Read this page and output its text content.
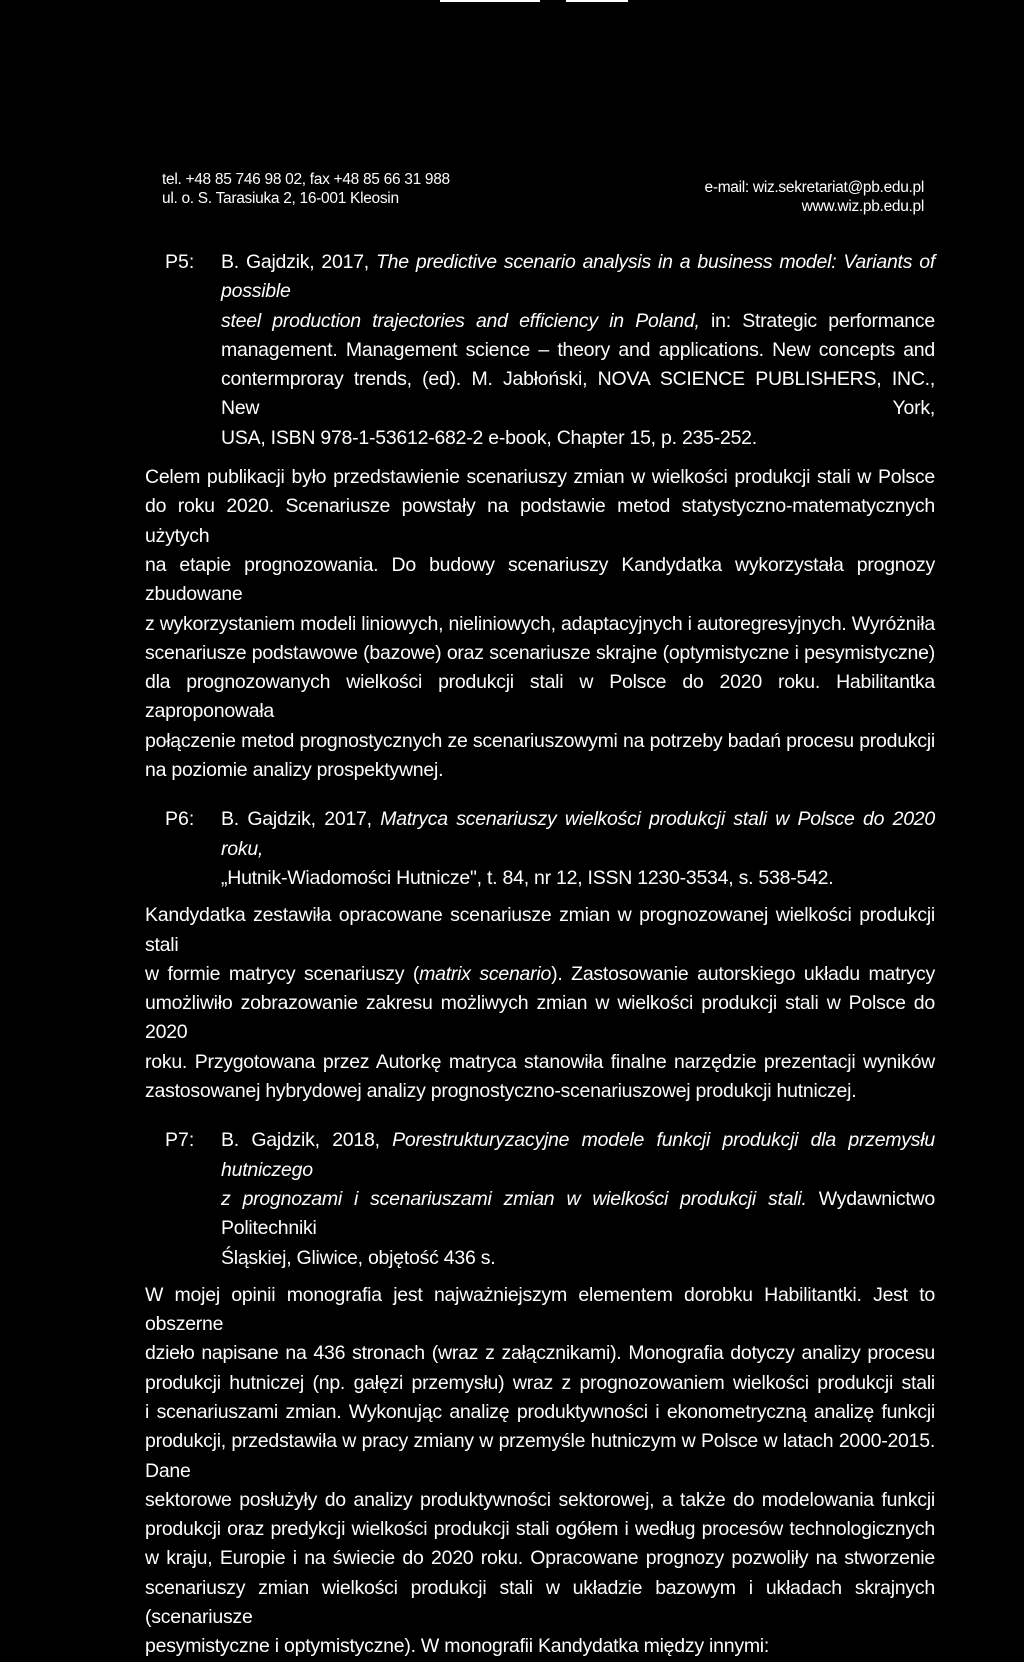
tel. +48 85 746 98 02, fax +48 85 66 31 988
ul. o. S. Tarasiuka 2, 16-001 Kleosin
e-mail: wiz.sekretariat@pb.edu.pl
www.wiz.pb.edu.pl
P5:	B. Gajdzik, 2017, The predictive scenario analysis in a business model: Variants of possible
steel production trajectories and efficiency in Poland, in: Strategic performance
management. Management science – theory and applications. New concepts and
contermproray trends, (ed). M. Jabłoński, NOVA SCIENCE PUBLISHERS, INC., New York,
USA, ISBN 978-1-53612-682-2 e-book, Chapter 15, p. 235-252.
Celem publikacji było przedstawienie scenariuszy zmian w wielkości produkcji stali w Polsce
do roku 2020. Scenariusze powstały na podstawie metod statystyczno-matematycznych użytych
na etapie prognozowania. Do budowy scenariuszy Kandydatka wykorzystała prognozy zbudowane
z wykorzystaniem modeli liniowych, nieliniowych, adaptacyjnych i autoregresyjnych. Wyróżniła
scenariusze podstawowe (bazowe) oraz scenariusze skrajne (optymistyczne i pesymistyczne)
dla prognozowanych wielkości produkcji stali w Polsce do 2020 roku. Habilitantka zaproponowała
połączenie metod prognostycznych ze scenariuszowymi na potrzeby badań procesu produkcji
na poziomie analizy prospektywnej.
P6:	B. Gajdzik, 2017, Matryca scenariuszy wielkości produkcji stali w Polsce do 2020 roku,
„Hutnik-Wiadomości Hutnicze", t. 84, nr 12, ISSN 1230-3534, s. 538-542.
Kandydatka zestawiła opracowane scenariusze zmian w prognozowanej wielkości produkcji stali
w formie matrycy scenariuszy (matrix scenario). Zastosowanie autorskiego układu matrycy
umożliwiło zobrazowanie zakresu możliwych zmian w wielkości produkcji stali w Polsce do 2020
roku. Przygotowana przez Autorkę matryca stanowiła finalne narzędzie prezentacji wyników
zastosowanej hybrydowej analizy prognostyczno-scenariuszowej produkcji hutniczej.
P7:	B. Gajdzik, 2018, Porestrukturyzacyjne modele funkcji produkcji dla przemysłu hutniczego
z prognozami i scenariuszami zmian w wielkości produkcji stali. Wydawnictwo Politechniki
Śląskiej, Gliwice, objętość 436 s.
W mojej opinii monografia jest najważniejszym elementem dorobku Habilitantki. Jest to obszerne
dzieło napisane na 436 stronach (wraz z załącznikami). Monografia dotyczy analizy procesu
produkcji hutniczej (np. gałęzi przemysłu) wraz z prognozowaniem wielkości produkcji stali
i scenariuszami zmian. Wykonując analizę produktywności i ekonometryczną analizę funkcji
produkcji, przedstawiła w pracy zmiany w przemyśle hutniczym w Polsce w latach 2000-2015. Dane
sektorowe posłużyły do analizy produktywności sektorowej, a także do modelowania funkcji
produkcji oraz predykcji wielkości produkcji stali ogółem i według procesów technologicznych
w kraju, Europie i na świecie do 2020 roku. Opracowane prognozy pozwoliły na stworzenie
scenariuszy zmian wielkości produkcji stali w układzie bazowym i układach skrajnych (scenariusze
pesymistyczne i optymistyczne). W monografii Kandydatka między innymi:
